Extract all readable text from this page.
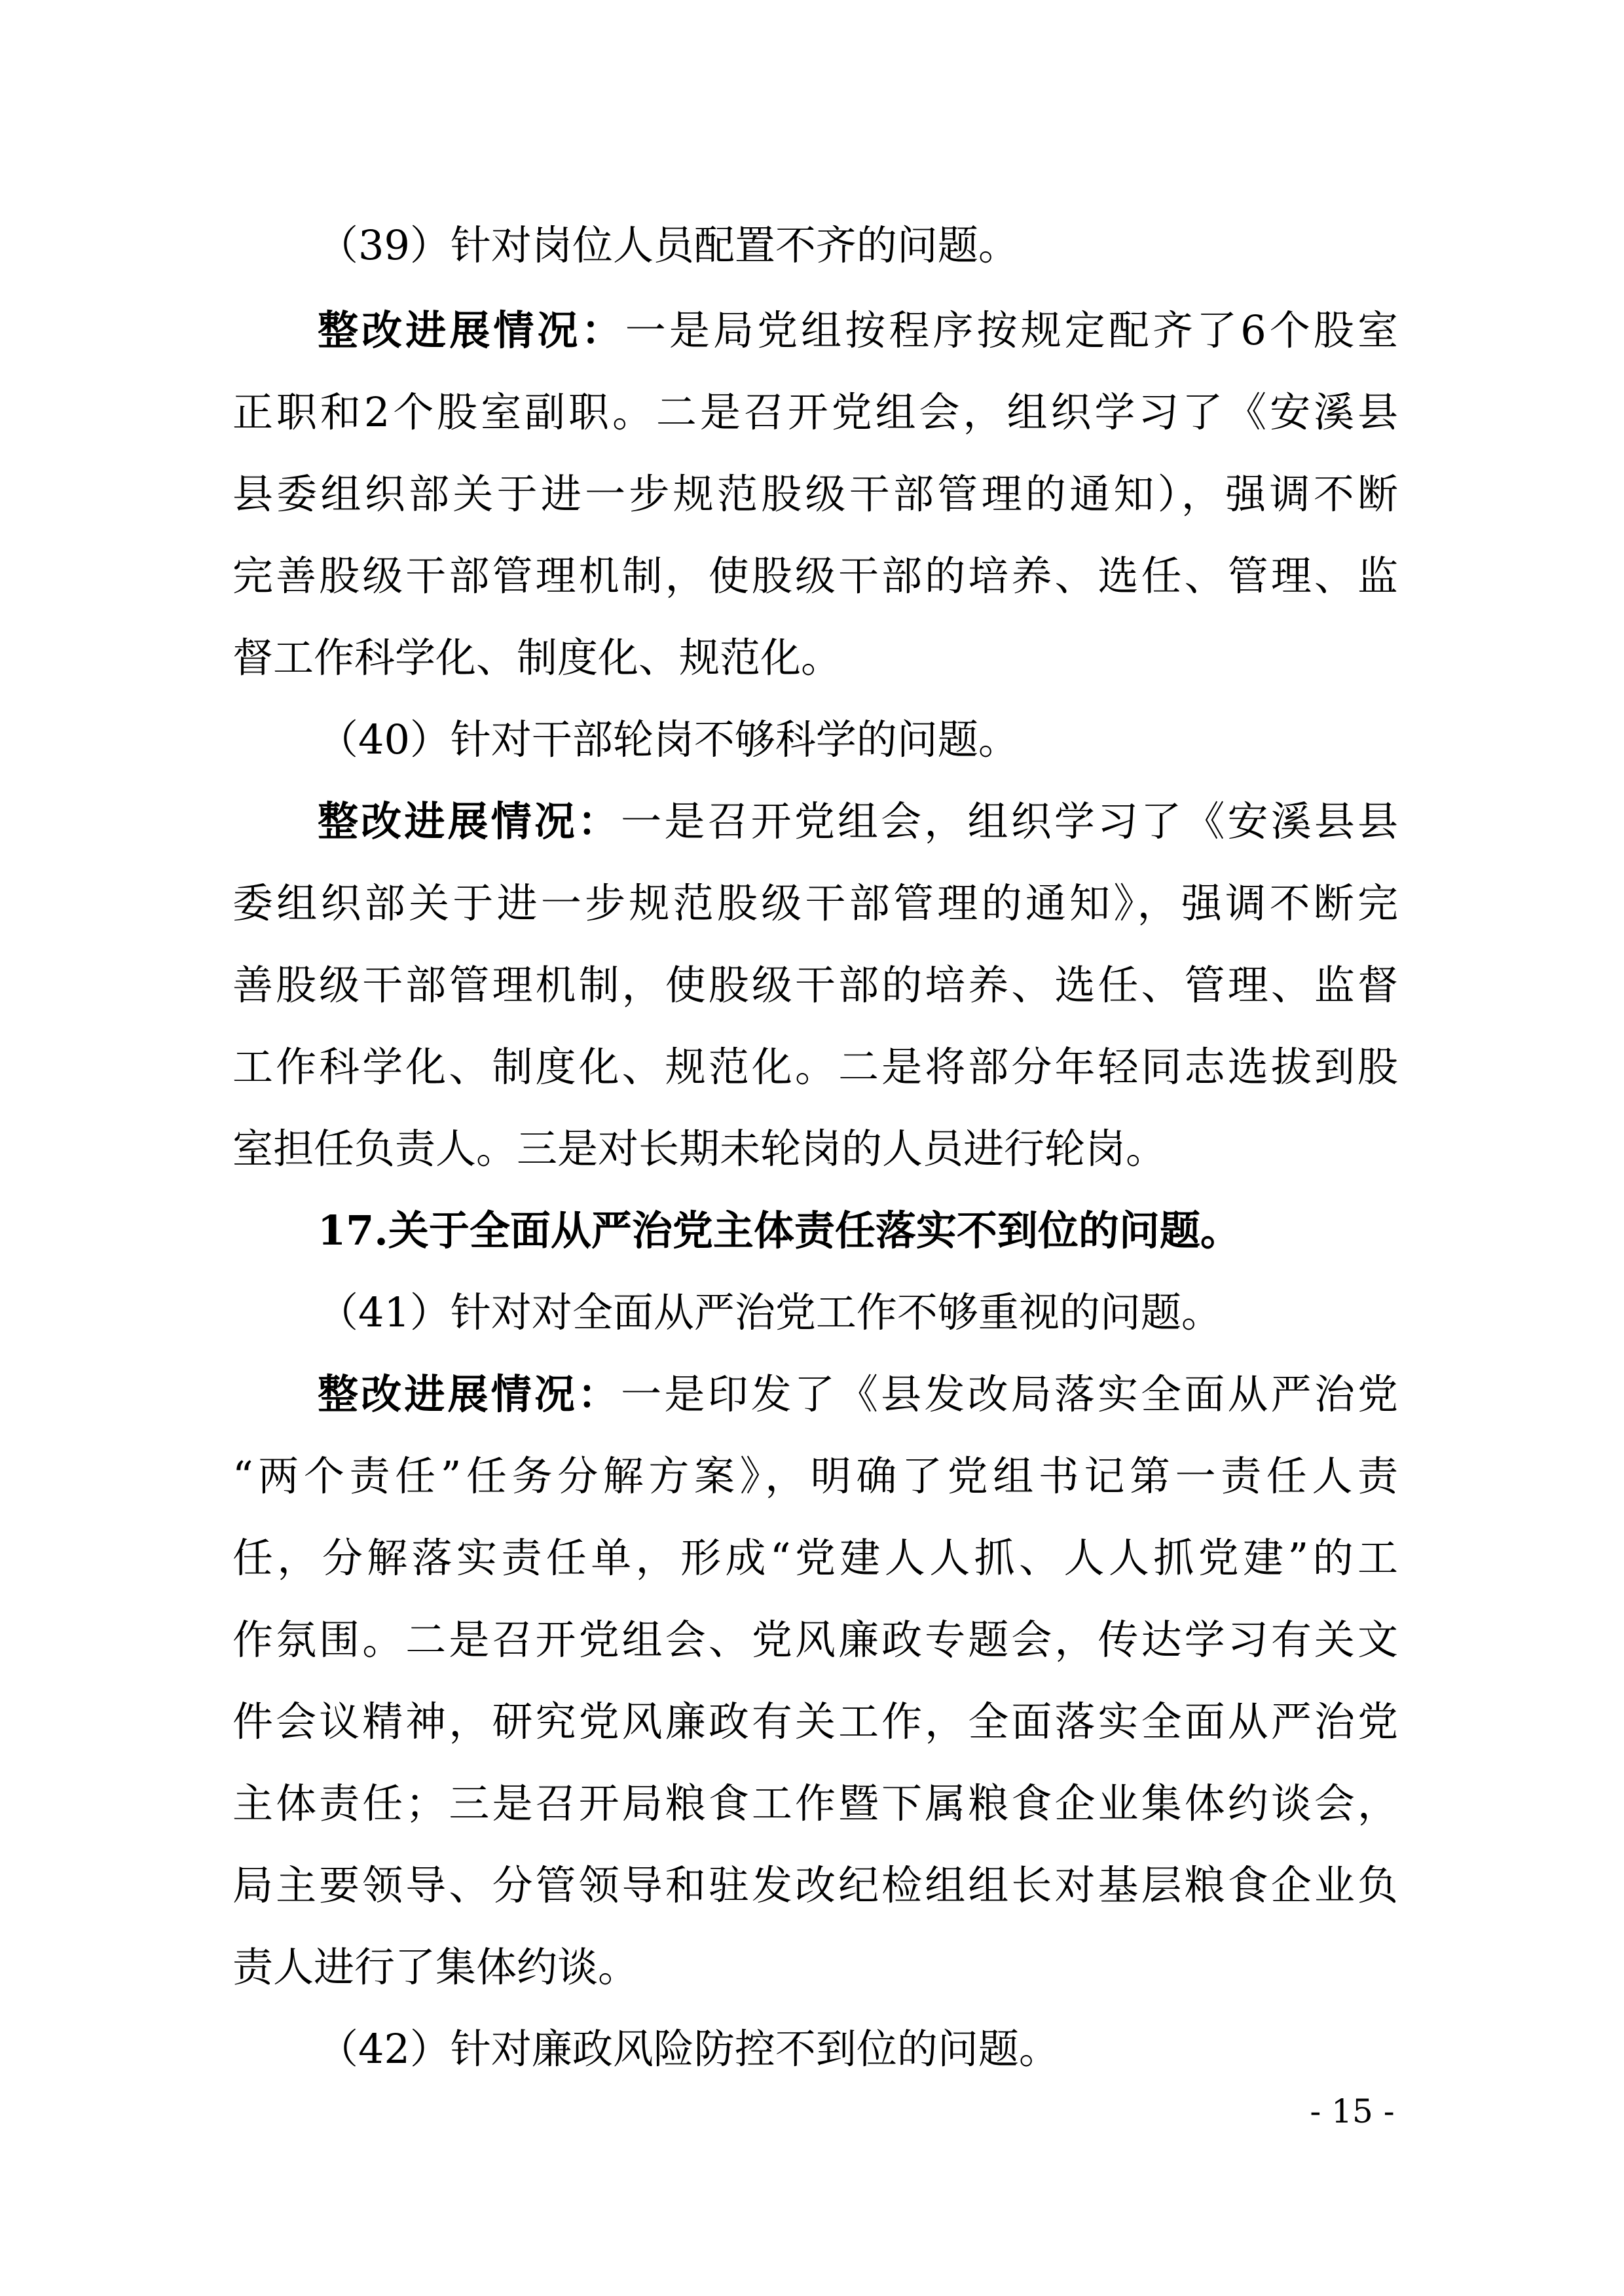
（39）针对岗位人员配置不齐的问题。
整改进展情况：一是局党组按程序按规定配齐了6个股室
正职和2个股室副职。二是召开党组会，组织学习了《安溪县
县委组织部关于进一步规范股级干部管理的通知），强调不断
完善股级干部管理机制，使股级干部的培养、选任、管理、监
督工作科学化、制度化、规范化。
（40）针对干部轮岗不够科学的问题。
整改进展情况：一是召开党组会，组织学习了《安溪县县
委组织部关于进一步规范股级干部管理的通知》，强调不断完
善股级干部管理机制，使股级干部的培养、选任、管理、监督
工作科学化、制度化、规范化。二是将部分年轻同志选拔到股
室担任负责人。三是对长期未轮岗的人员进行轮岗。
17.关于全面从严治党主体责任落实不到位的问题。
（41）针对对全面从严治党工作不够重视的问题。
整改进展情况：一是印发了《县发改局落实全面从严治党
“两个责任”任务分解方案》，明确了党组书记第一责任人责
任，分解落实责任单，形成“党建人人抓、人人抓党建”的工
作氛围。二是召开党组会、党风廉政专题会，传达学习有关文
件会议精神，研究党风廉政有关工作，全面落实全面从严治党
主体责任；三是召开局粮食工作暨下属粮食企业集体约谈会，
局主要领导、分管领导和驻发改纪检组组长对基层粮食企业负
责人进行了集体约谈。
（42）针对廉政风险防控不到位的问题。
- 15 -
